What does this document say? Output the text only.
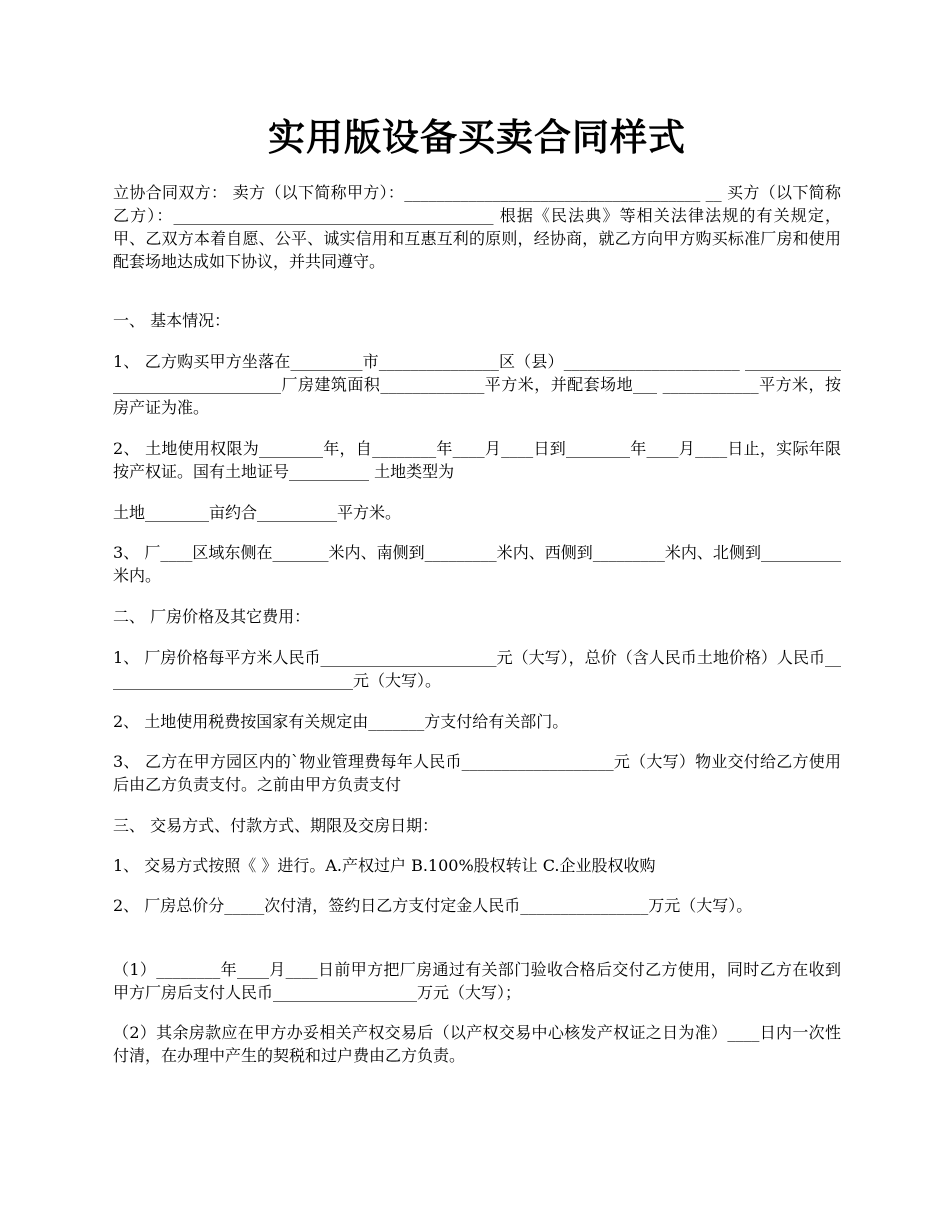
实用版设备买卖合同样式

立协合同双方： 卖方（以下简称甲方）：_____________________________________ __ 买方（以下简称乙方）：________________________________________ 根据《民法典》等相关法律法规的有关规定，甲、乙双方本着自愿、公平、诚实信用和互惠互利的原则，经协商，就乙方向甲方购买标准厂房和使用配套场地达成如下协议，并共同遵守。

一、 基本情况：

1、 乙方购买甲方坐落在_________市_______________区（县）______________________ _________________________________厂房建筑面积_____________平方米，并配套场地___ ____________平方米，按房产证为准。

2、 土地使用权限为________年，自________年____月____日到________年____月____日止，实际年限按产权证。国有土地证号__________ 土地类型为

土地________亩约合__________平方米。

3、 厂____区域东侧在_______米内、南侧到_________米内、西侧到_________米内、北侧到__________米内。

二、 厂房价格及其它费用：

1、 厂房价格每平方米人民币______________________元（大写），总价（含人民币土地价格）人民币________________________________元（大写）。

2、 土地使用税费按国家有关规定由_______方支付给有关部门。

3、 乙方在甲方园区内的`物业管理费每年人民币___________________元（大写）物业交付给乙方使用后由乙方负责支付。之前由甲方负责支付

三、 交易方式、付款方式、期限及交房日期：

1、 交易方式按照《 》进行。A.产权过户 B.100%股权转让 C.企业股权收购

2、 厂房总价分_____次付清，签约日乙方支付定金人民币________________万元（大写）。

（1）________年____月____日前甲方把厂房通过有关部门验收合格后交付乙方使用，同时乙方在收到甲方厂房后支付人民币__________________万元（大写）；

（2）其余房款应在甲方办妥相关产权交易后（以产权交易中心核发产权证之日为准）____日内一次性付清，在办理中产生的契税和过户费由乙方负责。
